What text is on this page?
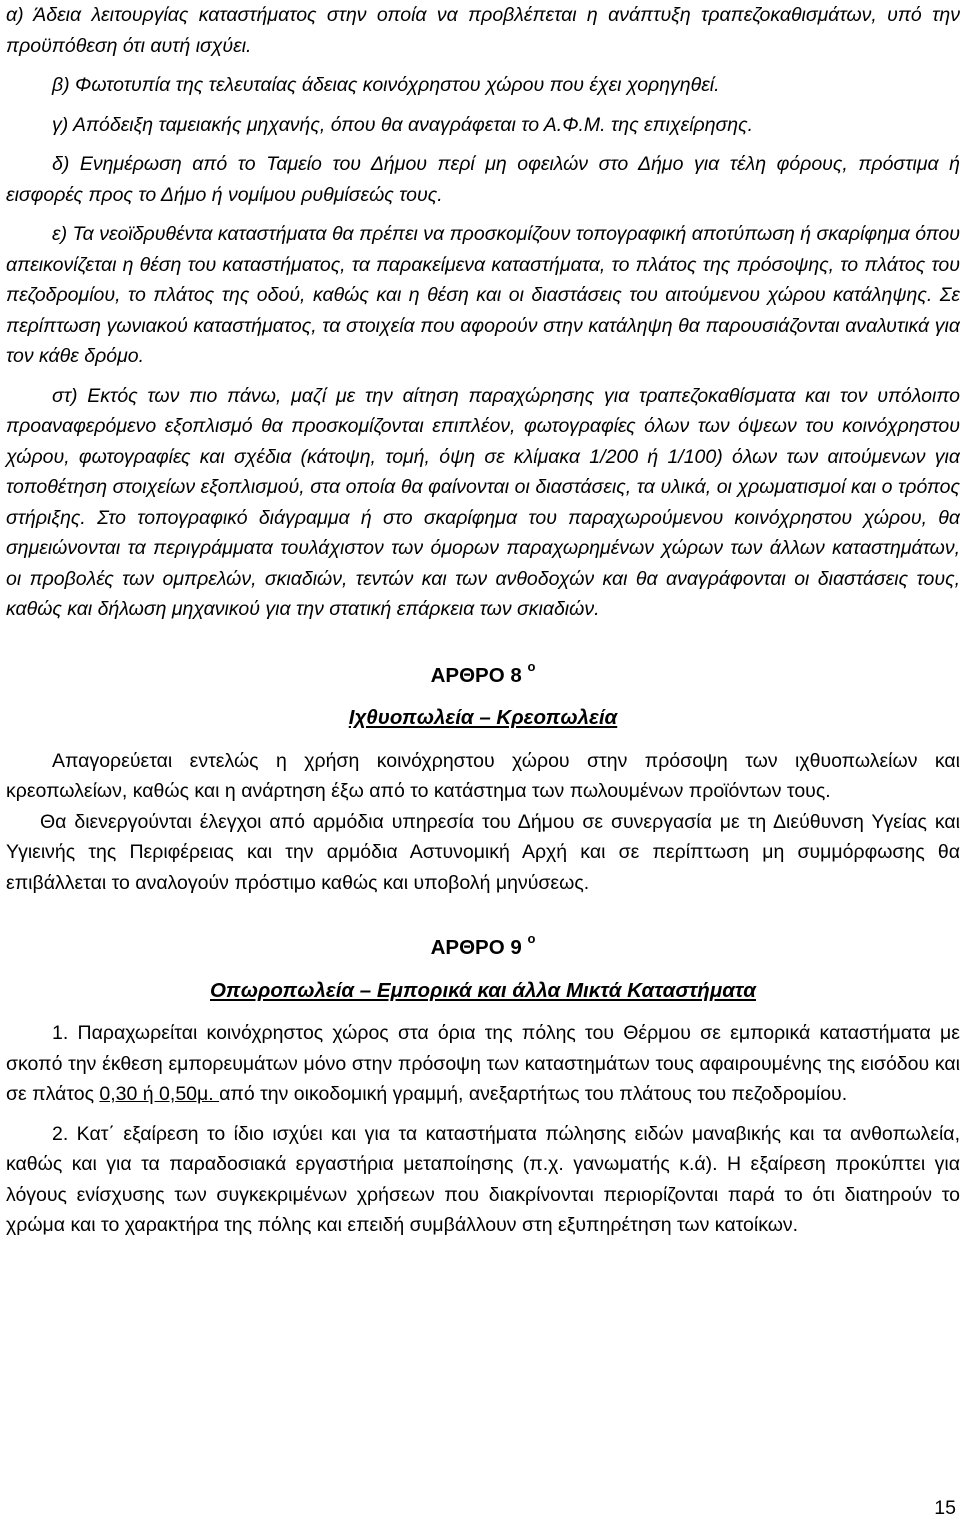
α) Άδεια λειτουργίας καταστήματος στην οποία να προβλέπεται η ανάπτυξη τραπεζοκαθισμάτων, υπό την προϋπόθεση ότι αυτή ισχύει.

β) Φωτοτυπία της τελευταίας άδειας κοινόχρηστου χώρου που έχει χορηγηθεί.

γ) Απόδειξη ταμειακής μηχανής, όπου θα αναγράφεται το Α.Φ.Μ. της επιχείρησης.

δ) Ενημέρωση από το Ταμείο του Δήμου περί μη οφειλών στο Δήμο για τέλη φόρους, πρόστιμα ή εισφορές προς το Δήμο ή νομίμου ρυθμίσεώς τους.

ε) Τα νεοϊδρυθέντα καταστήματα θα πρέπει να προσκομίζουν τοπογραφική αποτύπωση ή σκαρίφημα όπου απεικονίζεται η θέση του καταστήματος, τα παρακείμενα καταστήματα, το πλάτος της πρόσοψης, το πλάτος του πεζοδρομίου, το πλάτος της οδού, καθώς και η θέση και οι διαστάσεις του αιτούμενου χώρου κατάληψης. Σε περίπτωση γωνιακού καταστήματος, τα στοιχεία που αφορούν στην κατάληψη θα παρουσιάζονται αναλυτικά για τον κάθε δρόμο.

στ) Εκτός των πιο πάνω, μαζί με την αίτηση παραχώρησης για τραπεζοκαθίσματα και τον υπόλοιπο προαναφερόμενο εξοπλισμό θα προσκομίζονται επιπλέον, φωτογραφίες όλων των όψεων του κοινόχρηστου χώρου, φωτογραφίες και σχέδια (κάτοψη, τομή, όψη σε κλίμακα 1/200 ή 1/100) όλων των αιτούμενων για τοποθέτηση στοιχείων εξοπλισμού, στα οποία θα φαίνονται οι διαστάσεις, τα υλικά, οι χρωματισμοί και ο τρόπος στήριξης. Στο τοπογραφικό διάγραμμα ή στο σκαρίφημα του παραχωρούμενου κοινόχρηστου χώρου, θα σημειώνονται τα περιγράμματα τουλάχιστον των όμορων παραχωρημένων χώρων των άλλων καταστημάτων, οι προβολές των ομπρελών, σκιαδιών, τεντών και των ανθοδοχών και θα αναγράφονται οι διαστάσεις τους, καθώς και δήλωση μηχανικού για την στατική επάρκεια των σκιαδιών.

ΑΡΘΡΟ 8 $^o$

Ιχθυοπωλεία – Κρεοπωλεία

Απαγορεύεται εντελώς η χρήση κοινόχρηστου χώρου στην πρόσοψη των ιχθυοπωλείων και κρεοπωλείων, καθώς και η ανάρτηση έξω από το κατάστημα των πωλουμένων προϊόντων τους.

Θα διενεργούνται έλεγχοι από αρμόδια υπηρεσία του Δήμου σε συνεργασία με τη Διεύθυνση Υγείας και Υγιεινής της Περιφέρειας και την αρμόδια Αστυνομική Αρχή και σε περίπτωση μη συμμόρφωσης θα επιβάλλεται το αναλογούν πρόστιμο καθώς και υποβολή μηνύσεως.

ΑΡΘΡΟ 9 $^o$

Οπωροπωλεία – Εμπορικά και άλλα Μικτά Καταστήματα

1. Παραχωρείται κοινόχρηστος χώρος στα όρια της πόλης του Θέρμου σε εμπορικά καταστήματα με σκοπό την έκθεση εμπορευμάτων μόνο στην πρόσοψη των καταστημάτων τους αφαιρουμένης της εισόδου και σε πλάτος 0,30 ή 0,50μ. από την οικοδομική γραμμή, ανεξαρτήτως του πλάτους του πεζοδρομίου.

2. Κατ΄ εξαίρεση το ίδιο ισχύει και για τα καταστήματα πώλησης ειδών μαναβικής και τα ανθοπωλεία, καθώς και για τα παραδοσιακά εργαστήρια μεταποίησης (π.χ. γανωματής κ.ά). Η εξαίρεση προκύπτει για λόγους ενίσχυσης των συγκεκριμένων χρήσεων που διακρίνονται περιορίζονται παρά το ότι διατηρούν το χρώμα και το χαρακτήρα της πόλης και επειδή συμβάλλουν στη εξυπηρέτηση των κατοίκων.

15
